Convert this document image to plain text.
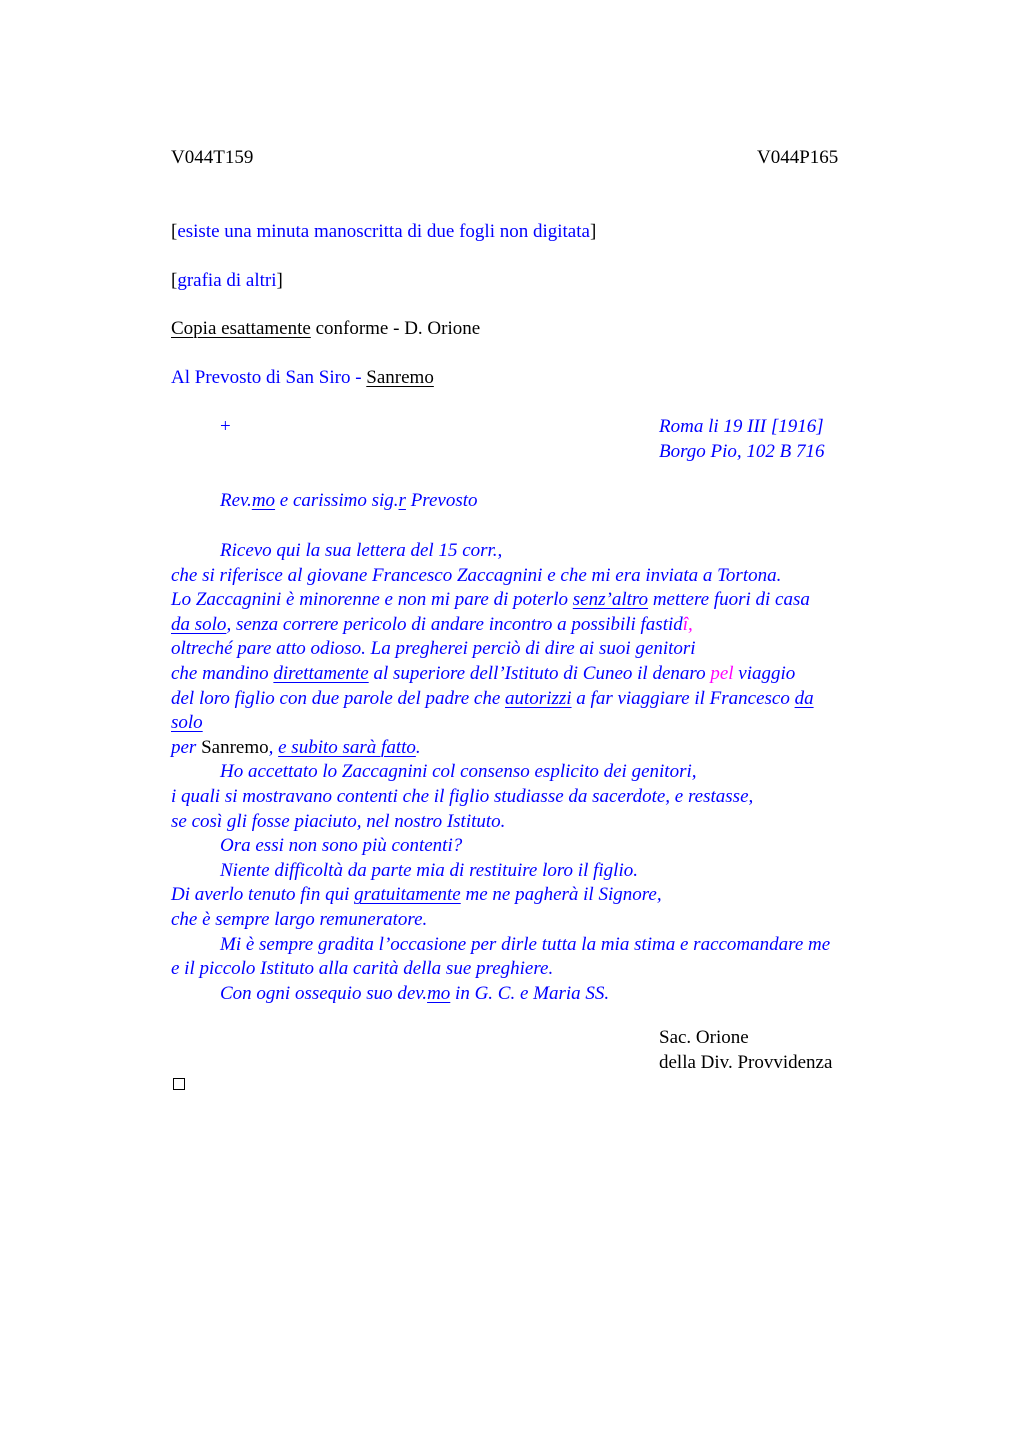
V044T159	V044P165
[esiste una minuta manoscritta di due fogli non digitata]
[grafia di altri]
Copia esattamente conforme - D. Orione
Al Prevosto di San Siro - Sanremo
+	Roma li 19 III [1916]
Borgo Pio, 102 B 716
Rev.mo e carissimo sig.r Prevosto
Ricevo qui la sua lettera del 15 corr.,
che si riferisce al giovane Francesco Zaccagnini e che mi era inviata a Tortona.
Lo Zaccagnini è minorenne e non mi pare di poterlo senz’altro mettere fuori di casa
da solo, senza correre pericolo di andare incontro a possibili fastidî,
oltreché pare atto odioso. La pregherei perciò di dire ai suoi genitori
che mandino direttamente al superiore dell’Istituto di Cuneo il denaro pel viaggio
del loro figlio con due parole del padre che autorizzi a far viaggiare il Francesco da
solo
per Sanremo, e subito sarà fatto.
Ho accettato lo Zaccagnini col consenso esplicito dei genitori,
i quali si mostravano contenti che il figlio studiasse da sacerdote, e restasse,
se così gli fosse piaciuto, nel nostro Istituto.
Ora essi non sono più contenti?
Niente difficoltà da parte mia di restituire loro il figlio.
Di averlo tenuto fin qui gratuitamente me ne pagherà il Signore,
che è sempre largo remuneratore.
Mi è sempre gradita l’occasione per dirle tutta la mia stima e raccomandare me
e il piccolo Istituto alla carità della sue preghiere.
Con ogni ossequio suo dev.mo in G. C. e Maria SS.
Sac. Orione
della Div. Provvidenza
